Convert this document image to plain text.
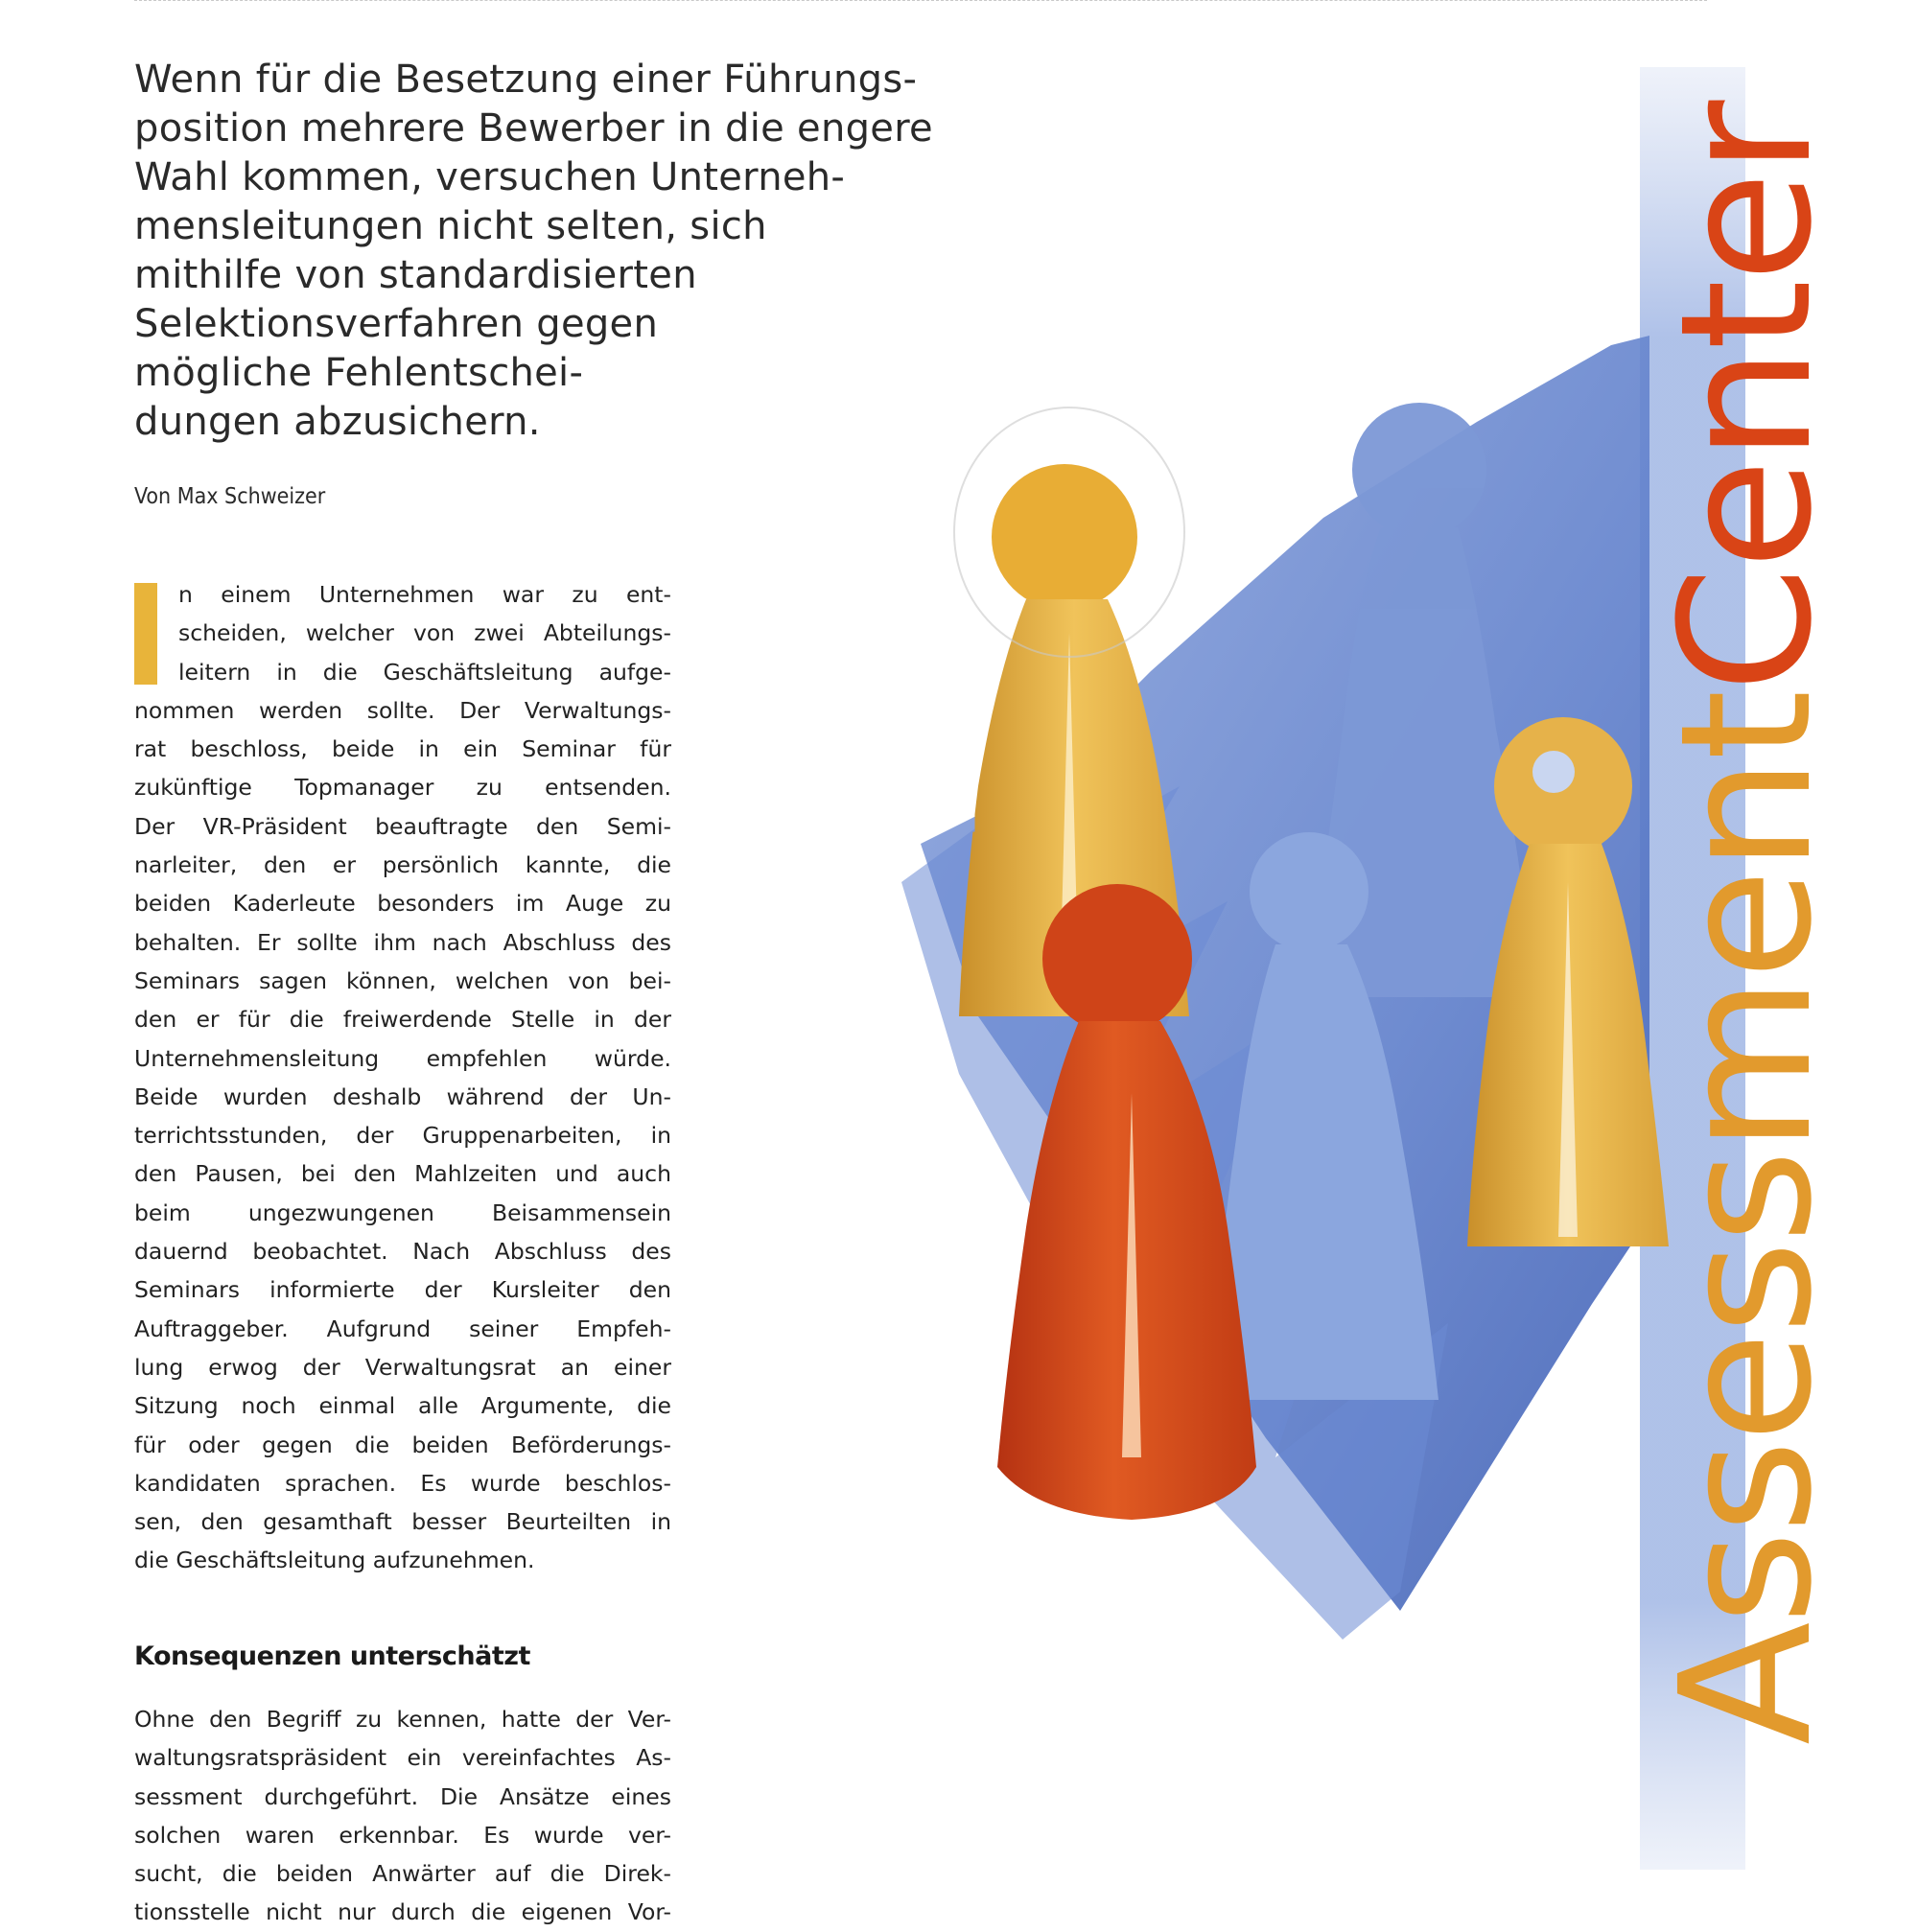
Wenn für die Besetzung einer Führungs-
position mehrere Bewerber in die engere
Wahl kommen, versuchen Unterneh-
mensleitungen nicht selten, sich
mithilfe von standardisierten
Selektionsverfahren gegen
mögliche Fehlentschei-
dungen abzusichern.
Von Max Schweizer
n einem Unternehmen war zu ent-
scheiden, welcher von zwei Abteilungs-
leitern in die Geschäftsleitung aufge-
nommen werden sollte. Der Verwaltungs-
rat beschloss, beide in ein Seminar für
zukünftige Topmanager zu entsenden.
Der VR-Präsident beauftragte den Semi-
narleiter, den er persönlich kannte, die
beiden Kaderleute besonders im Auge zu
behalten. Er sollte ihm nach Abschluss des
Seminars sagen können, welchen von bei-
den er für die freiwerdende Stelle in der
Unternehmensleitung empfehlen würde.
Beide wurden deshalb während der Un-
terrichtsstunden, der Gruppenarbeiten, in
den Pausen, bei den Mahlzeiten und auch
beim ungezwungenen Beisammensein
dauernd beobachtet. Nach Abschluss des
Seminars informierte der Kursleiter den
Auftraggeber. Aufgrund seiner Empfeh-
lung erwog der Verwaltungsrat an einer
Sitzung noch einmal alle Argumente, die
für oder gegen die beiden Beförderungs-
kandidaten sprachen. Es wurde beschlos-
sen, den gesamthaft besser Beurteilten in
die Geschäftsleitung aufzunehmen.
Konsequenzen unterschätzt
Ohne den Begriff zu kennen, hatte der Ver-
waltungsratspräsident ein vereinfachtes As-
sessment durchgeführt. Die Ansätze eines
solchen waren erkennbar. Es wurde ver-
sucht, die beiden Anwärter auf die Direk-
tionsstelle nicht nur durch die eigenen Vor-
AssessmentCenter
